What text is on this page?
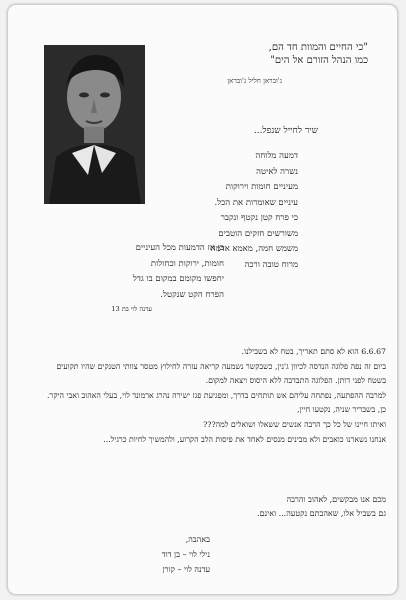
"כי החיים והמוות חד הם,
כמו הנהל הזורם אל הים"
ג'ובראן חליל ג'ובראן
שיר לחייל שנפל...
דמעה מלוחה
נשרה לאיטה
מעיניים חומות וירוקות
עיניים שאומרות את הכל.
כי פרח קטן נקטף ונקבר
משורשים חזקים הוטבים
משמש חמה, מאמא אדמה
מרוח טובה ורכה
כן אז הדמעות מכל העיניים
חומות, ירוקות וכחולות
יחפשו מקומם במקום בו גדל
הפרח הקט שנקטל.
עדנה לוי בת 13

6.6.67 הוא לא סתם תאריך, בטח לא בשבילנו.

ביום זה נפה פלוגה הנדסה לכיוון ג'נין, כשבקשר נשמעה קריאה עזרה לחילוץ מטסר צוותי הטנקים שהיו תקועים בשטח לפני דותן. הפלוגה התבדבה ללא היסוס ויצאה למקום.

למרבה ההפתעה, נפתחה עליהם אש תותחים בדרך, ומפגיעת פגז ישירה נהרג ארמונד לוי, בעלי האהוב ואבי היקר.

כן, בשבריר שניה, נקטעו חיין,

ואיתו חיינו של כל כך הרבה אנשים ששאלו ושואלים למה???

אנחנו נשארנו כואבים ולא מבינים מנסים לאחד את פיסות הלב הקרוע, ולהמשיך לחיות כרגיל...

מכם אנו מבקשים, לאהוב והרבה

גם בשביל אלו, שאהבתם נקטעה... ואינם.

באהבה,

נילי לוי – בן דוד

עדנה לוי – קורן
